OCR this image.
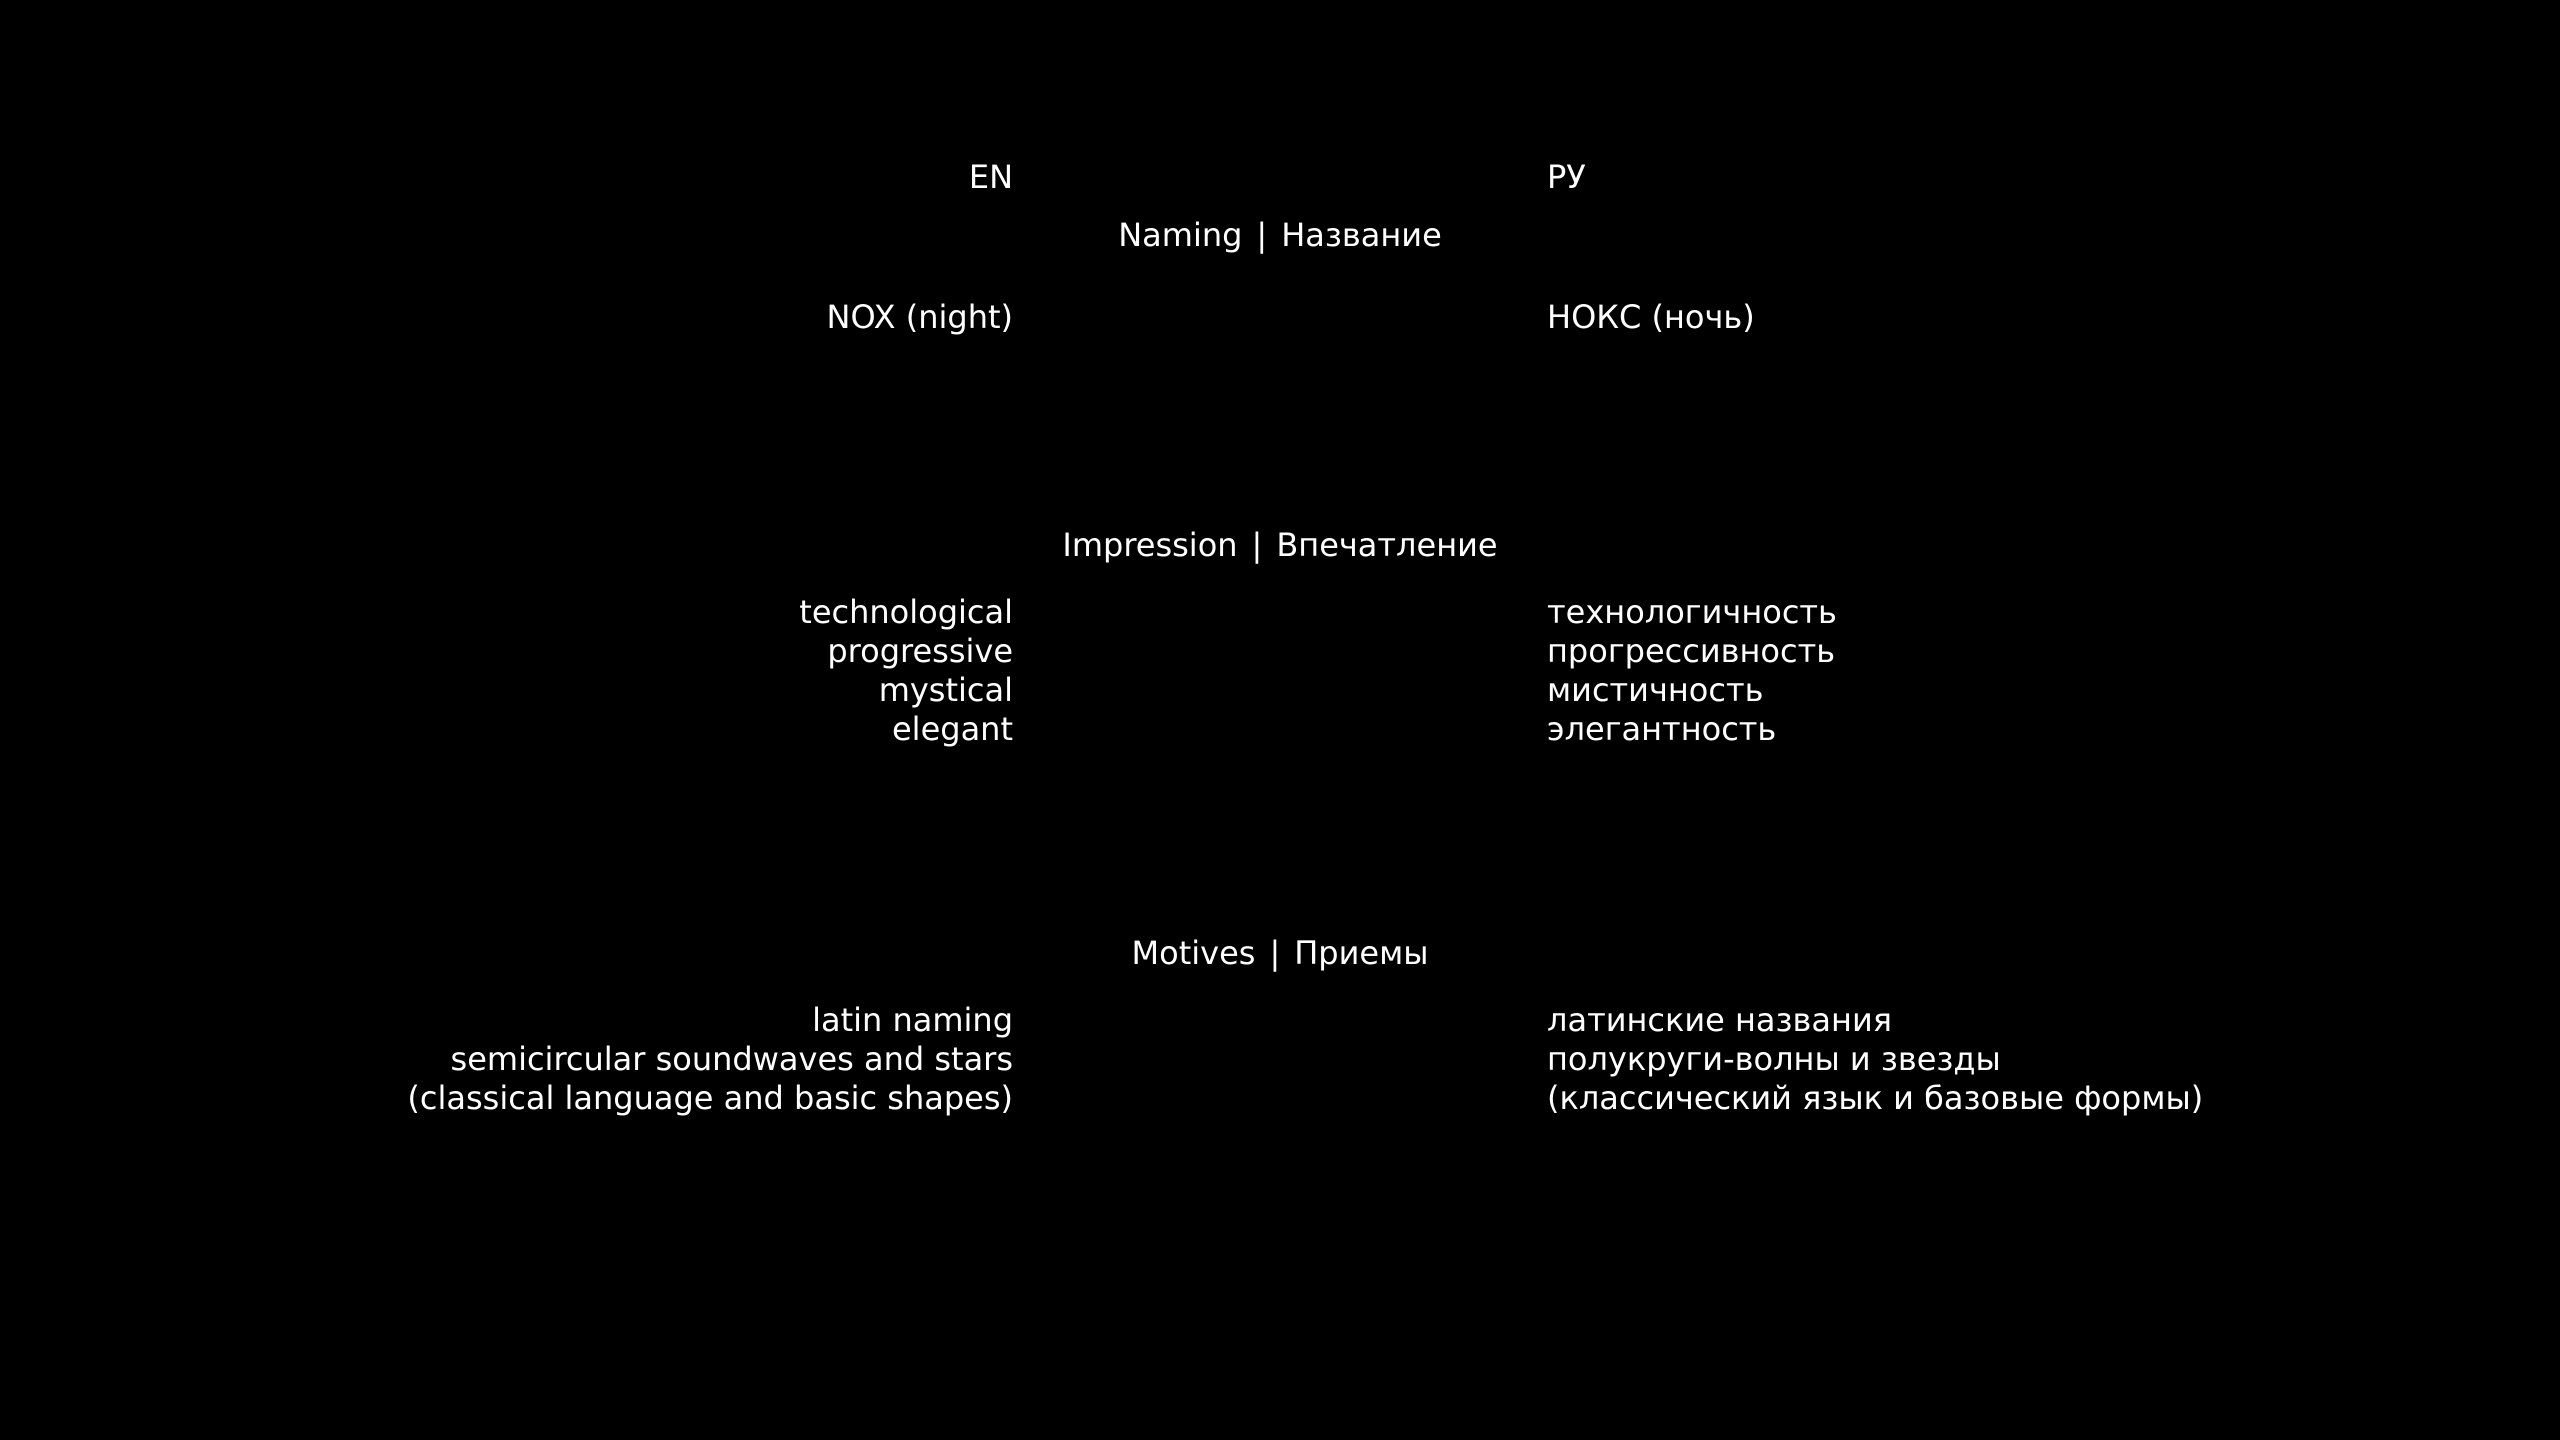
EN	РУ
Naming | Название
NOX (night)	НОКС (ночь)
Impression | Впечатление
technological
progressive
mystical
elegant
технологичность
прогрессивность
мистичность
элегантность
Motives | Приемы
latin naming
semicircular soundwaves and stars
(classical language and basic shapes)
латинские названия
полукруги-волны и звезды
(классический язык и базовые формы)
